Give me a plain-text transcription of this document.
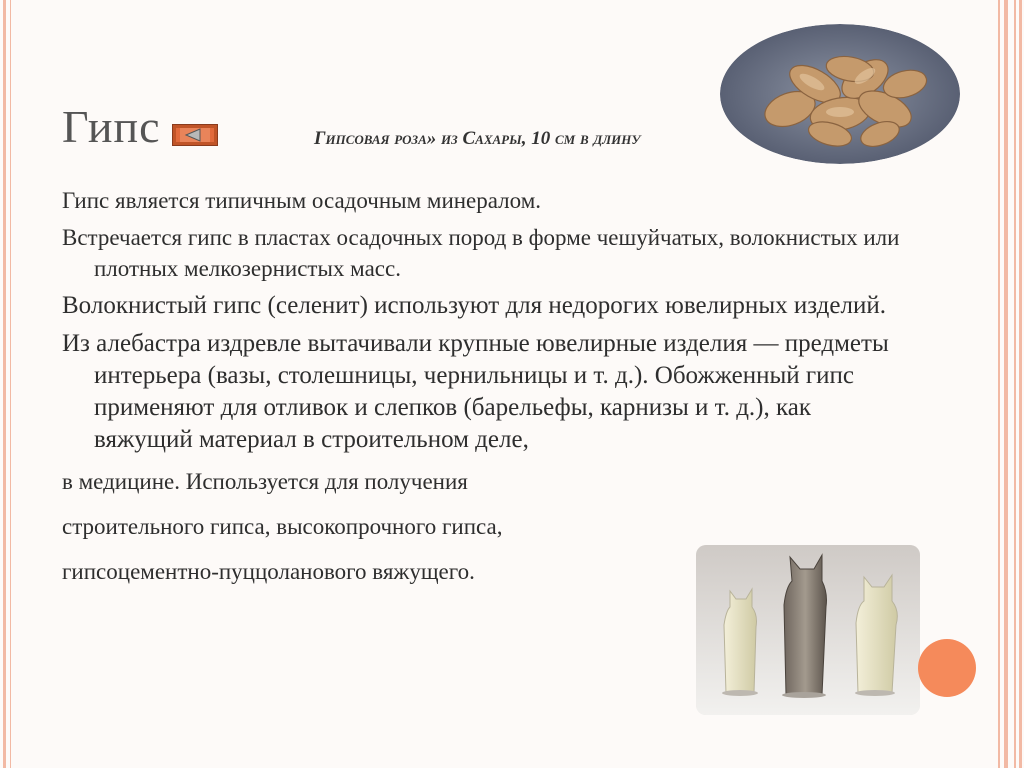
Гипс	Гипсовая роза» из Сахары, 10 см в длину

Гипс является типичным осадочным минералом.

Встречается гипс в пластах осадочных пород в форме чешуйчатых, волокнистых или плотных мелкозернистых масс.

Волокнистый гипс (селенит) используют для недорогих ювелирных изделий.

Из алебастра издревле вытачивали крупные ювелирные изделия — предметы интерьера (вазы, столешницы, чернильницы и т. д.). Обожженный гипс применяют для отливок и слепков (барельефы, карнизы и т. д.), как вяжущий материал в строительном деле,

в медицине. Используется для получения

строительного гипса, высокопрочного гипса,

гипсоцементно-пуццоланового вяжущего.
